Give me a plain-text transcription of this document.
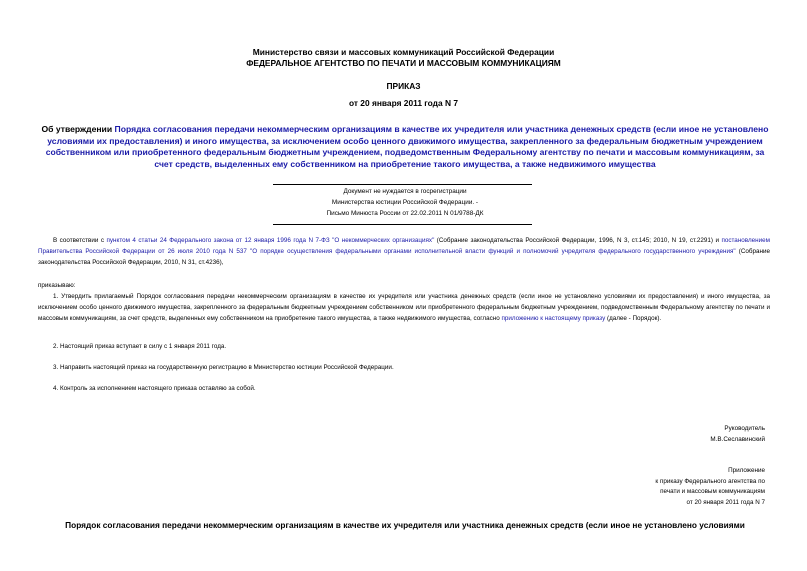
Министерство связи и массовых коммуникаций Российской Федерации
ФЕДЕРАЛЬНОЕ АГЕНТСТВО ПО ПЕЧАТИ И МАССОВЫМ КОММУНИКАЦИЯМ
ПРИКАЗ
от 20 января 2011 года N 7
Об утверждении Порядка согласования передачи некоммерческим организациям в качестве их учредителя или участника денежных средств (если иное не установлено условиями их предоставления) и иного имущества, за исключением особо ценного движимого имущества, закрепленного за федеральным бюджетным учреждением собственником или приобретенного федеральным бюджетным учреждением, подведомственным Федеральному агентству по печати и массовым коммуникациям, за счет средств, выделенных ему собственником на приобретение такого имущества, а также недвижимого имущества
Документ не нуждается в госрегистрации
Министерства юстиции Российской Федерации. -
Письмо Минюста России от 22.02.2011 N 01/9788-ДК
В соответствии с пунктом 4 статьи 24 Федерального закона от 12 января 1996 года N 7-ФЗ "О некоммерческих организациях" (Собрание законодательства Российской Федерации, 1996, N 3, ст.145; 2010, N 19, ст.2291) и постановлением Правительства Российской Федерации от 26 июля 2010 года N 537 "О порядке осуществления федеральными органами исполнительной власти функций и полномочий учредителя федерального государственного учреждения" (Собрание законодательства Российской Федерации, 2010, N 31, ст.4236),
приказываю:
1. Утвердить прилагаемый Порядок согласования передачи некоммерческим организациям в качестве их учредителя или участника денежных средств (если иное не установлено условиями их предоставления) и иного имущества, за исключением особо ценного движимого имущества, закрепленного за федеральным бюджетным учреждением собственником или приобретенного федеральным бюджетным учреждением, подведомственным Федеральному агентству по печати и массовым коммуникациям, за счет средств, выделенных ему собственником на приобретение такого имущества, а также недвижимого имущества, согласно приложению к настоящему приказу (далее - Порядок).
2. Настоящий приказ вступает в силу с 1 января 2011 года.
3. Направить настоящий приказ на государственную регистрацию в Министерство юстиции Российской Федерации.
4. Контроль за исполнением настоящего приказа оставляю за собой.
Руководитель
М.В.Сеславинский
Приложение
к приказу Федерального агентства по
печати и массовым коммуникациям
от 20 января 2011 года N 7
Порядок согласования передачи некоммерческим организациям в качестве их учредителя или участника денежных средств (если иное не установлено условиями
